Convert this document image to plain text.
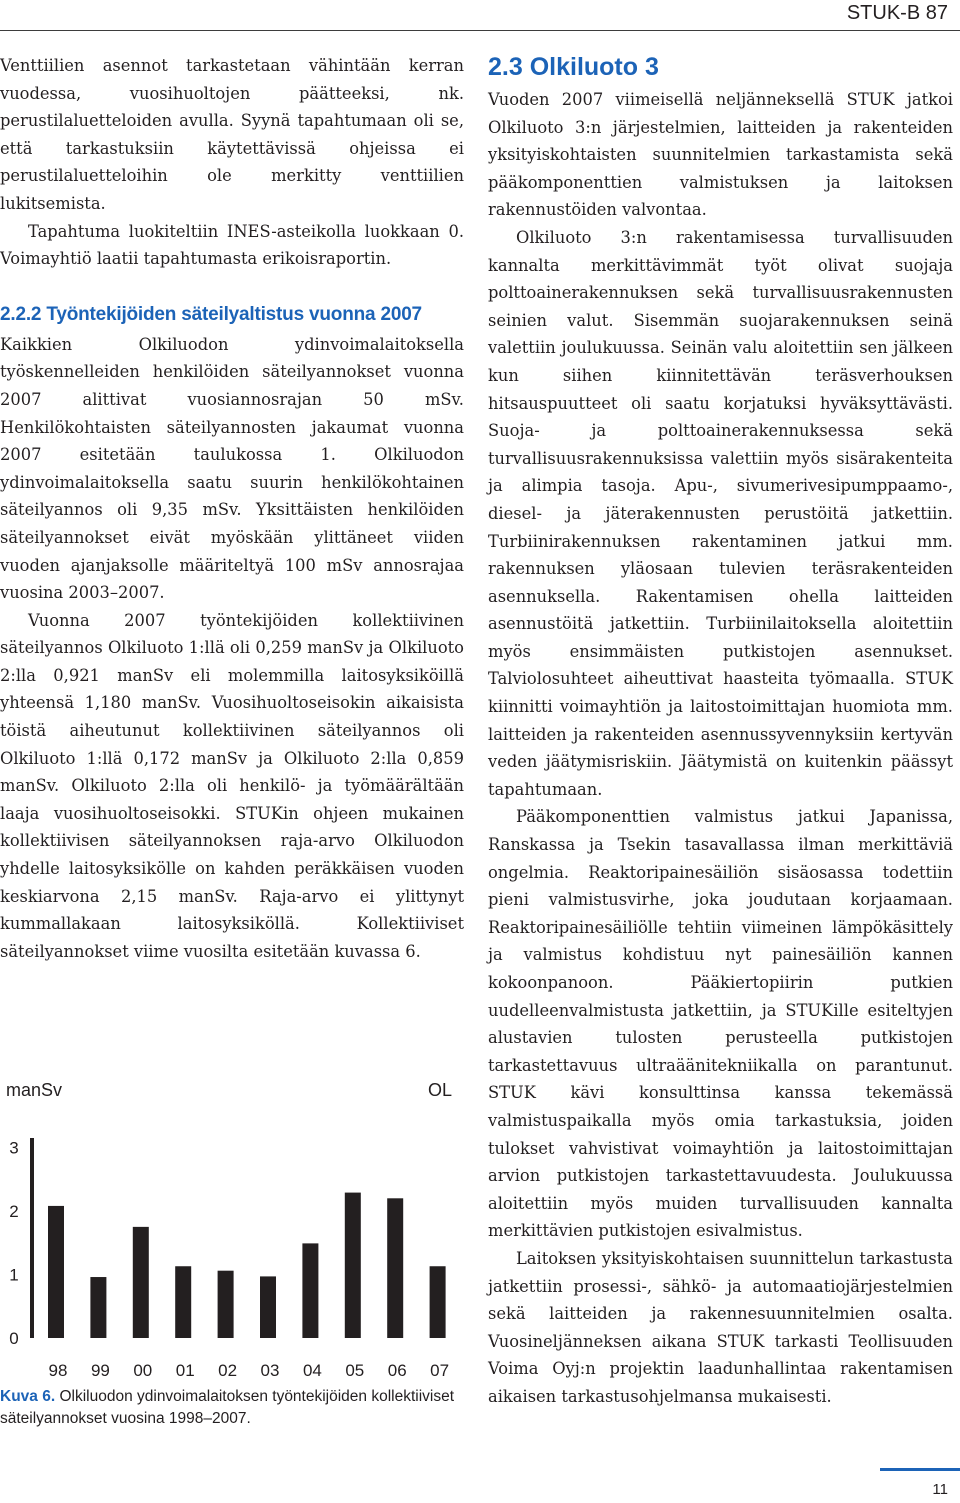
STUK-B 87

Venttiilien asennot tarkastetaan vähintään kerran vuodessa, vuosihuoltojen päätteeksi, nk. perustilaluetteloiden avulla. Syynä tapahtumaan oli se, että tarkastuksiin käytettävissä ohjeissa ei perustilaluetteloihin ole merkitty venttiilien lukitsemista.

Tapahtuma luokiteltiin INES-asteikolla luokkaan 0. Voimayhtiö laatii tapahtumasta erikoisraportin.

2.2.2 Työntekijöiden säteilyaltistus vuonna 2007

Kaikkien Olkiluodon ydinvoimalaitoksella työskennelleiden henkilöiden säteilyannokset vuonna 2007 alittivat vuosiannosrajan 50 mSv. Henkilökohtaisten säteilyannosten jakaumat vuonna 2007 esitetään taulukossa 1. Olkiluodon ydinvoimalaitoksella saatu suurin henkilökohtainen säteilyannos oli 9,35 mSv. Yksittäisten henkilöiden säteilyannokset eivät myöskään ylittäneet viiden vuoden ajanjaksolle määriteltyä 100 mSv annosrajaa vuosina 2003–2007.

Vuonna 2007 työntekijöiden kollektiivinen säteilyannos Olkiluoto 1:llä oli 0,259 manSv ja Olkiluoto 2:lla 0,921 manSv eli molemmilla laitosyksiköillä yhteensä 1,180 manSv. Vuosihuoltoseisokin aikaisista töistä aiheutunut kollektiivinen säteilyannos oli Olkiluoto 1:llä 0,172 manSv ja Olkiluoto 2:lla 0,859 manSv. Olkiluoto 2:lla oli henkilö- ja työmäärältään laaja vuosihuoltoseisokki. STUKin ohjeen mukainen kollektiivisen säteilyannoksen raja-arvo Olkiluodon yhdelle laitosyksikölle on kahden peräkkäisen vuoden keskiarvona 2,15 manSv. Raja-arvo ei ylittynyt kummallakaan laitosyksiköllä. Kollektiiviset säteilyannokset viime vuosilta esitetään kuvassa 6.

2.3 Olkiluoto 3

Vuoden 2007 viimeisellä neljänneksellä STUK jatkoi Olkiluoto 3:n järjestelmien, laitteiden ja rakenteiden yksityiskohtaisten suunnitelmien tarkastamista sekä pääkomponenttien valmistuksen ja laitoksen rakennustöiden valvontaa.

Olkiluoto 3:n rakentamisessa turvallisuuden kannalta merkittävimmät työt olivat suojaja polttoainerakennuksen sekä turvallisuusrakennusten seinien valut. Sisemmän suojarakennuksen seinä valettiin joulukuussa. Seinän valu aloitettiin sen jälkeen kun siihen kiinnitettävän teräsverhouksen hitsauspuutteet oli saatu korjatuksi hyväksyttävästi. Suoja- ja polttoainerakennuksessa sekä turvallisuusrakennuksissa valettiin myös sisärakenteita ja alimpia tasoja. Apu-, sivumerivesipumppaamo-, diesel- ja jäterakennusten perustöitä jatkettiin. Turbiinirakennuksen rakentaminen jatkui mm. rakennuksen yläosaan tulevien teräsrakenteiden asennuksella. Rakentamisen ohella laitteiden asennustöitä jatkettiin. Turbiinilaitoksella aloitettiin myös ensimmäisten putkistojen asennukset. Talviolosuhteet aiheuttivat haasteita työmaalla. STUK kiinnitti voimayhtiön ja laitostoimittajan huomiota mm. laitteiden ja rakenteiden asennussyvennyksiin kertyvän veden jäätymisriskiin. Jäätymistä on kuitenkin päässyt tapahtumaan.

Pääkomponenttien valmistus jatkui Japanissa, Ranskassa ja Tsekin tasavallassa ilman merkittäviä ongelmia. Reaktoripainesäiliön sisäosassa todettiin pieni valmistusvirhe, joka joudutaan korjaamaan. Reaktoripainesäiliölle tehtiin viimeinen lämpökäsittely ja valmistus kohdistuu nyt painesäiliön kannen kokoonpanoon. Pääkiertopiirin putkien uudelleenvalmistusta jatkettiin, ja STUKille esiteltyjen alustavien tulosten perusteella putkistojen tarkastettavuus ultraäänitekniikalla on parantunut. STUK kävi konsulttinsa kanssa tekemässä valmistuspaikalla myös omia tarkastuksia, joiden tulokset vahvistivat voimayhtiön ja laitostoimittajan arvion putkistojen tarkastettavuudesta. Joulukuussa aloitettiin myös muiden turvallisuuden kannalta merkittävien putkistojen esivalmistus.

Laitoksen yksityiskohtaisen suunnittelun tarkastusta jatkettiin prosessi-, sähkö- ja automaatiojärjestelmien sekä laitteiden ja rakennesuunnitelmien osalta. Vuosineljänneksen aikana STUK tarkasti Teollisuuden Voima Oyj:n projektin laadunhallintaa rakentamisen aikaisen tarkastusohjelmansa mukaisesti.

manSv	OL
0
1
2
3
98 99 00 01 02 03 04 05 06 07
Kuva 6. Olkiluodon ydinvoimalaitoksen työntekijöiden kollektiiviset säteilyannokset vuosina 1998–2007.
11
